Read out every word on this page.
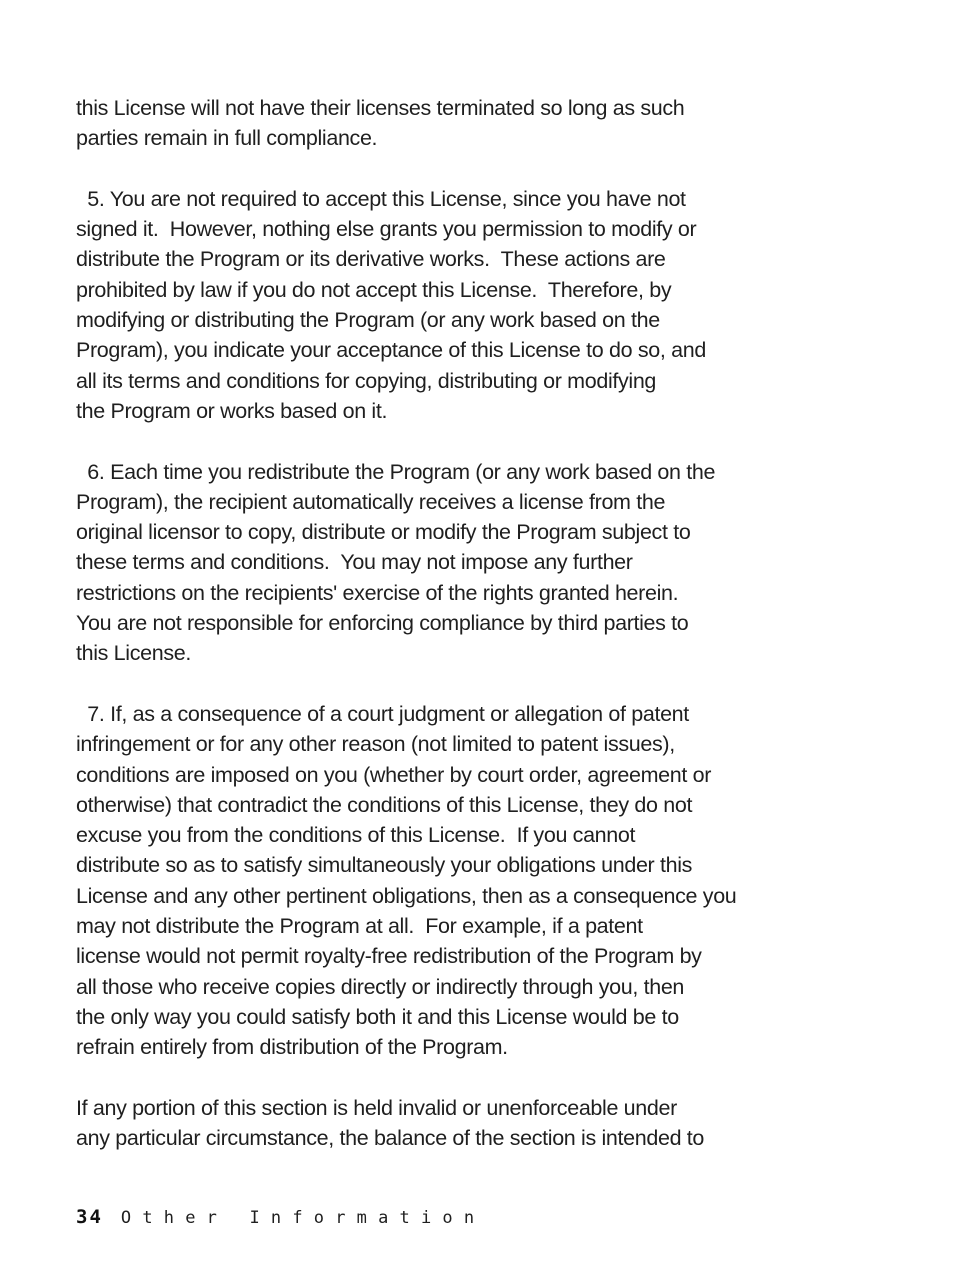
this License will not have their licenses terminated so long as such
parties remain in full compliance.

5. You are not required to accept this License, since you have not
signed it.  However, nothing else grants you permission to modify or
distribute the Program or its derivative works.  These actions are
prohibited by law if you do not accept this License.  Therefore, by
modifying or distributing the Program (or any work based on the
Program), you indicate your acceptance of this License to do so, and
all its terms and conditions for copying, distributing or modifying
the Program or works based on it.

6. Each time you redistribute the Program (or any work based on the
Program), the recipient automatically receives a license from the
original licensor to copy, distribute or modify the Program subject to
these terms and conditions.  You may not impose any further
restrictions on the recipients' exercise of the rights granted herein.
You are not responsible for enforcing compliance by third parties to
this License.

7. If, as a consequence of a court judgment or allegation of patent
infringement or for any other reason (not limited to patent issues),
conditions are imposed on you (whether by court order, agreement or
otherwise) that contradict the conditions of this License, they do not
excuse you from the conditions of this License.  If you cannot
distribute so as to satisfy simultaneously your obligations under this
License and any other pertinent obligations, then as a consequence you
may not distribute the Program at all.  For example, if a patent
license would not permit royalty-free redistribution of the Program by
all those who receive copies directly or indirectly through you, then
the only way you could satisfy both it and this License would be to
refrain entirely from distribution of the Program.

If any portion of this section is held invalid or unenforceable under
any particular circumstance, the balance of the section is intended to
34 Other Information
